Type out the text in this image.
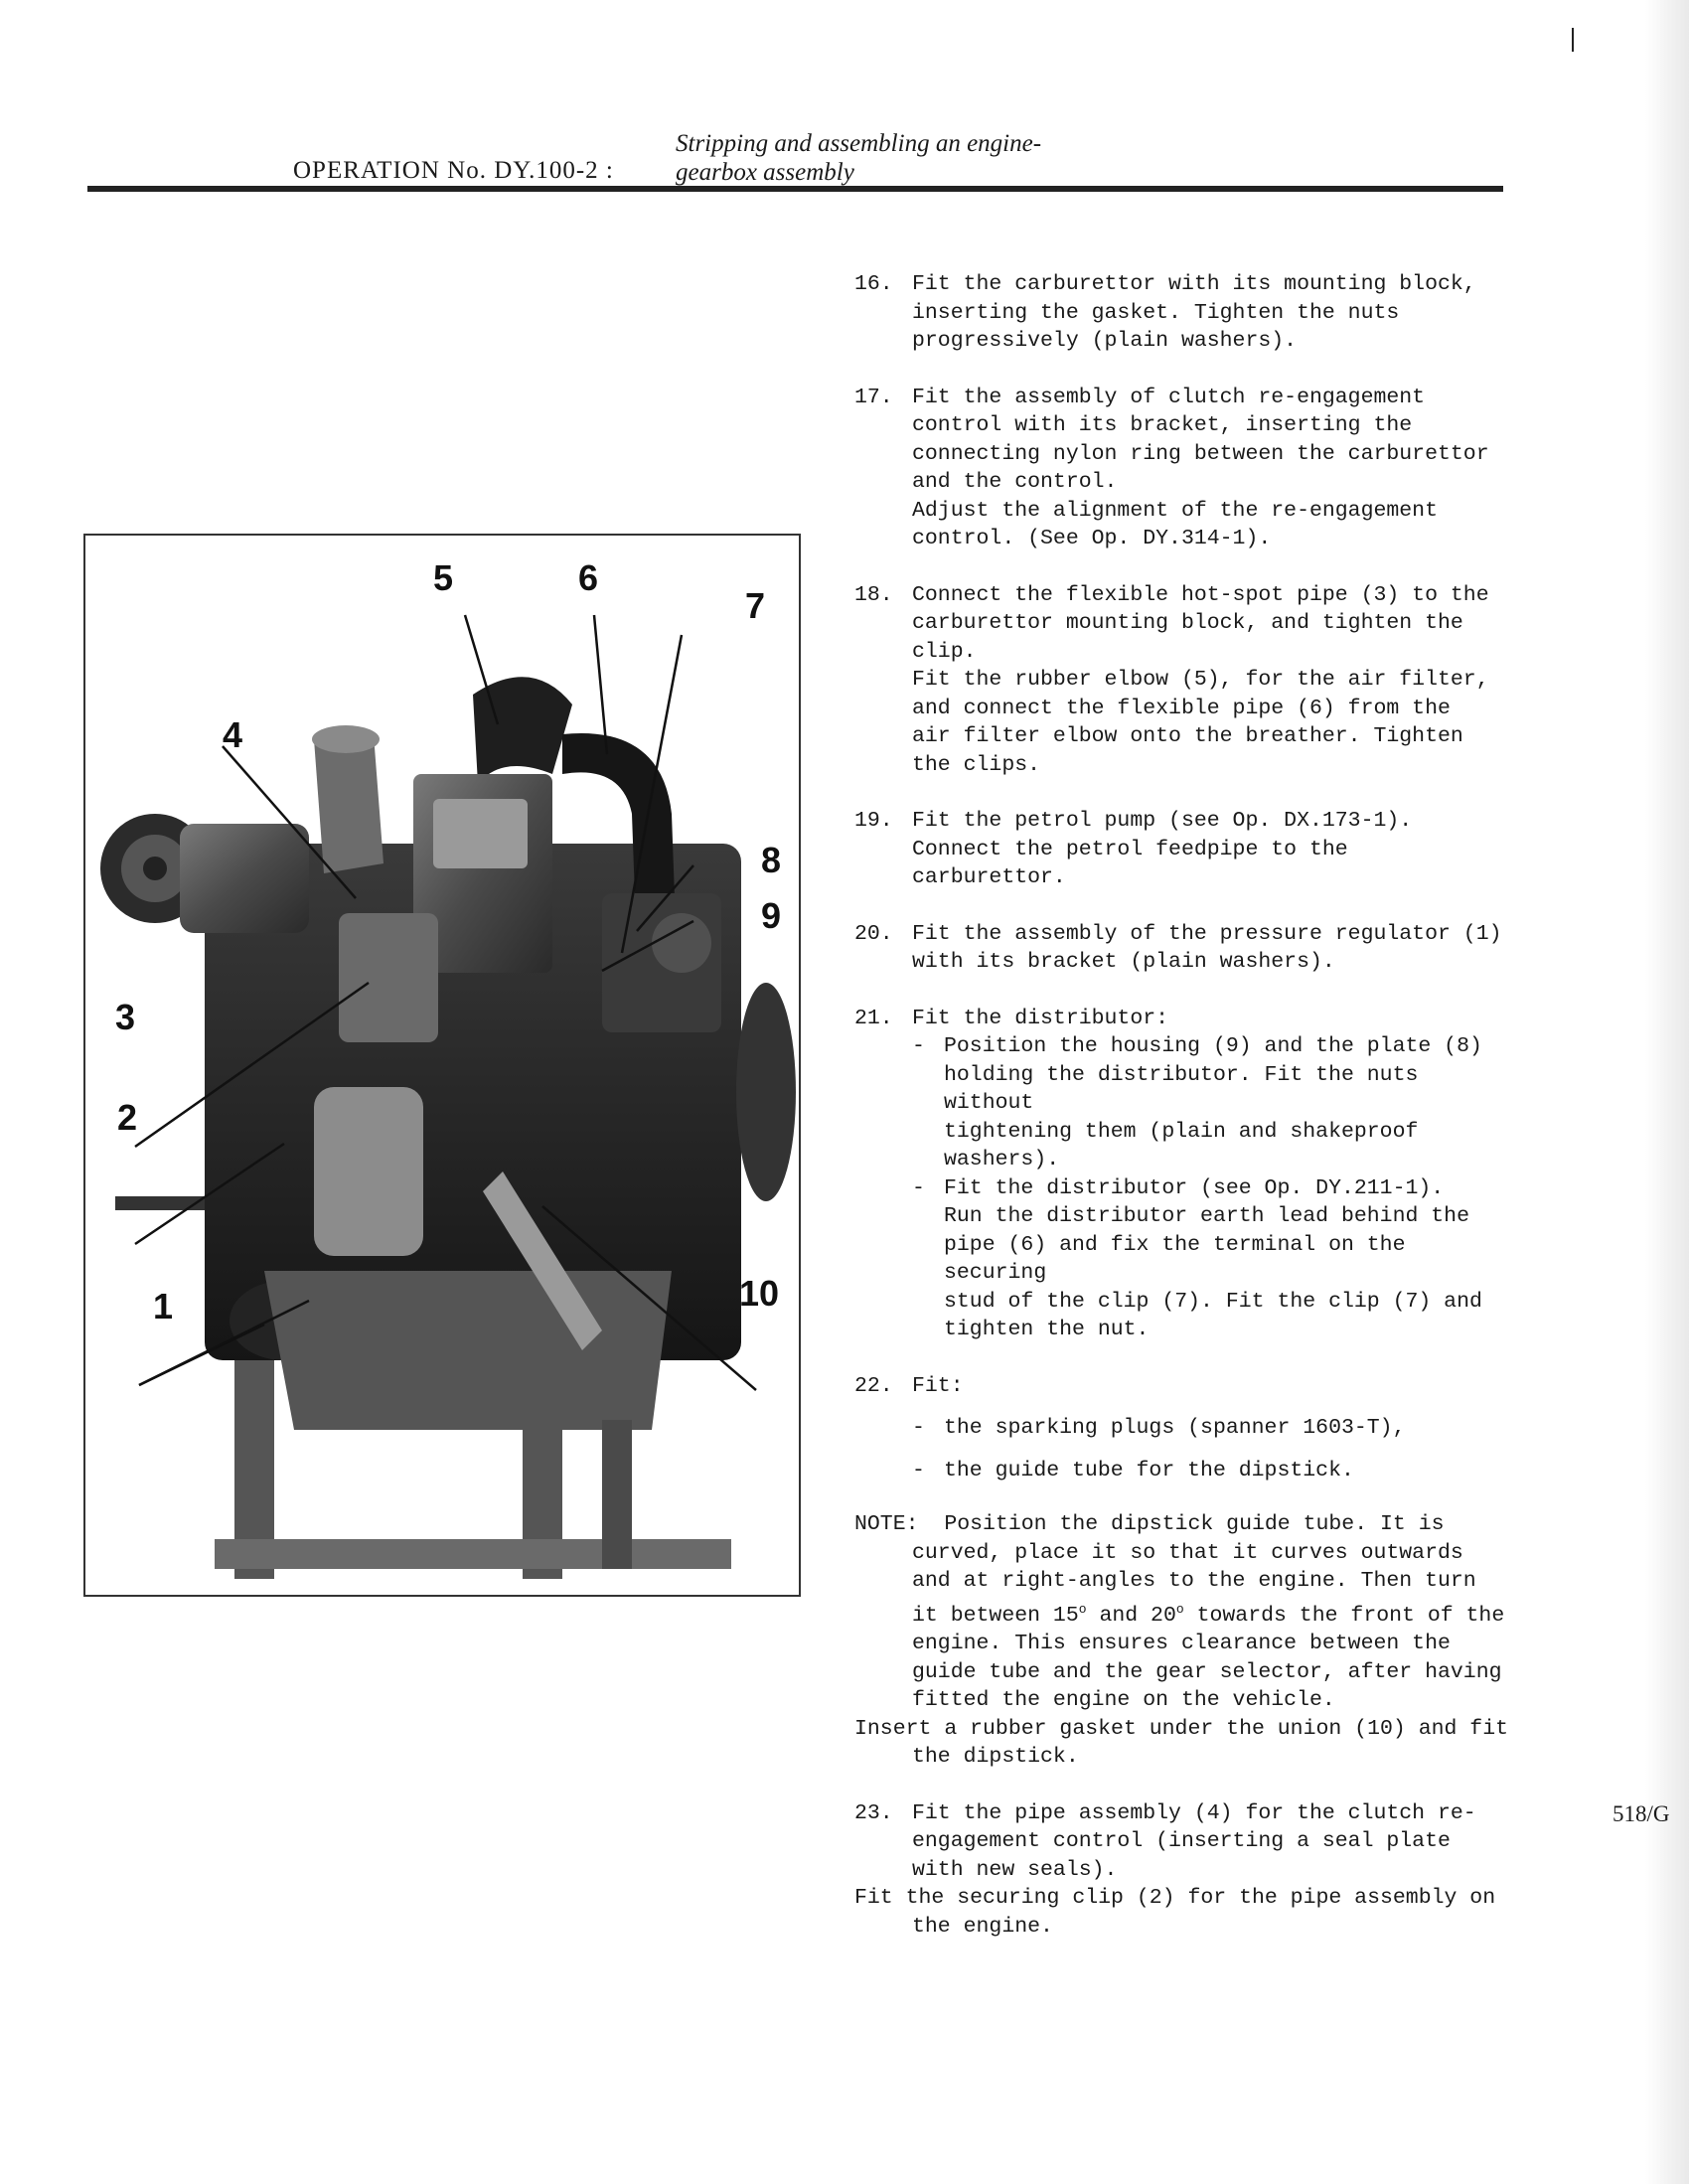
Stripping and assembling an engine-
gearbox assembly
OPERATION No. DY.100-2 :
5	6
7
4
8
9
3
2
1	10
16. Fit the carburettor with its mounting block,

inserting the gasket. Tighten the nuts

progressively (plain washers).

17. Fit the assembly of clutch re-engagement

control with its bracket, inserting the

connecting nylon ring between the carburettor

and the control.

Adjust the alignment of the re-engagement

control. (See Op. DY.314-1).

18. Connect the flexible hot-spot pipe (3) to the

carburettor mounting block, and tighten the

clip.

Fit the rubber elbow (5), for the air filter,

and connect the flexible pipe (6) from the

air filter elbow onto the breather. Tighten

the clips.

19. Fit the petrol pump (see Op. DX.173-1).

Connect the petrol feedpipe to the carburettor.

20. Fit the assembly of the pressure regulator (1)

with its bracket (plain washers).

21. Fit the distributor:

- Position the housing (9) and the plate (8)

holding the distributor. Fit the nuts without

tightening them (plain and shakeproof

washers).

- Fit the distributor (see Op. DY.211-1).

Run the distributor earth lead behind the

pipe (6) and fix the terminal on the securing

stud of the clip (7). Fit the clip (7) and

tighten the nut.

22. Fit:

- the sparking plugs (spanner 1603-T),
- the guide tube for the dipstick.

NOTE: Position the dipstick guide tube. It is

curved, place it so that it curves outwards

and at right-angles to the engine. Then turn

it between 15$^o$ and 20$^o$ towards the front of the

engine. This ensures clearance between the

guide tube and the gear selector, after having

fitted the engine on the vehicle.

Insert a rubber gasket under the union (10) and fit

the dipstick.

23. Fit the pipe assembly (4) for the clutch re-

engagement control (inserting a seal plate

with new seals).

Fit the securing clip (2) for the pipe assembly on

the engine.

518/G
